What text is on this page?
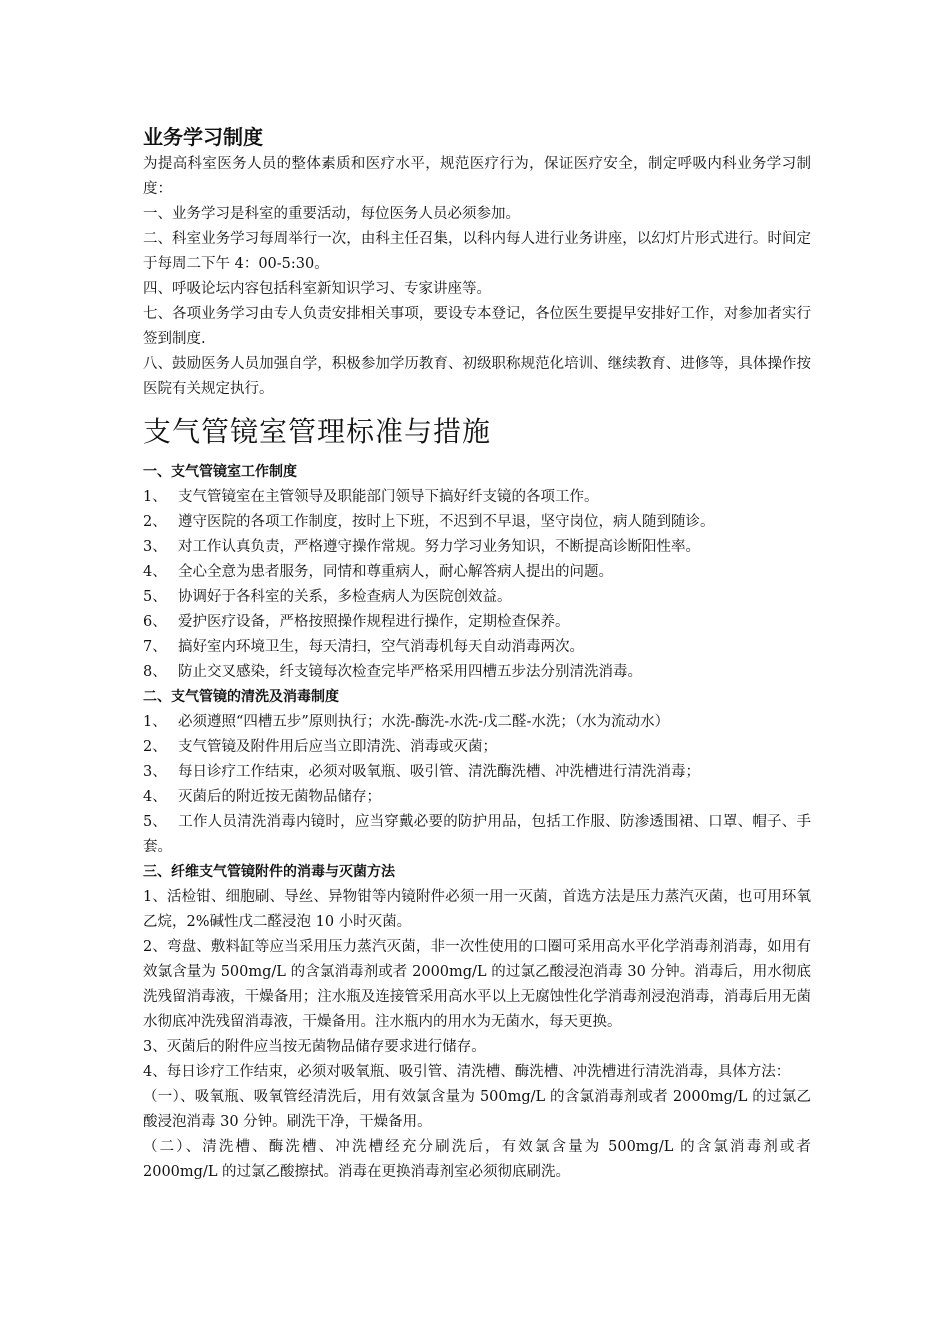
业务学习制度

为提高科室医务人员的整体素质和医疗水平，规范医疗行为，保证医疗安全，制定呼吸内科业务学习制度：

一、业务学习是科室的重要活动，每位医务人员必须参加。

二、科室业务学习每周举行一次，由科主任召集，以科内每人进行业务讲座，以幻灯片形式进行。时间定于每周二下午 4：00-5:30。

四、呼吸论坛内容包括科室新知识学习、专家讲座等。

七、各项业务学习由专人负责安排相关事项，要设专本登记，各位医生要提早安排好工作，对参加者实行签到制度.

八、鼓励医务人员加强自学，积极参加学历教育、初级职称规范化培训、继续教育、进修等，具体操作按医院有关规定执行。

支气管镜室管理标准与措施
一、支气管镜室工作制度

1、 支气管镜室在主管领导及职能部门领导下搞好纤支镜的各项工作。

2、 遵守医院的各项工作制度，按时上下班，不迟到不早退，坚守岗位，病人随到随诊。

3、 对工作认真负责，严格遵守操作常规。努力学习业务知识，不断提高诊断阳性率。

4、 全心全意为患者服务，同情和尊重病人，耐心解答病人提出的问题。

5、 协调好于各科室的关系，多检查病人为医院创效益。

6、 爱护医疗设备，严格按照操作规程进行操作，定期检查保养。

7、 搞好室内环境卫生，每天清扫，空气消毒机每天自动消毒两次。

8、 防止交叉感染，纤支镜每次检查完毕严格采用四槽五步法分别清洗消毒。

二、支气管镜的清洗及消毒制度

1、 必须遵照“四槽五步”原则执行；水洗-酶洗-水洗-戊二醛-水洗；（水为流动水）

2、 支气管镜及附件用后应当立即清洗、消毒或灭菌；

3、 每日诊疗工作结束，必须对吸氧瓶、吸引管、清洗酶洗槽、冲洗槽进行清洗消毒；

4、 灭菌后的附近按无菌物品储存；

5、 工作人员清洗消毒内镜时，应当穿戴必要的防护用品，包括工作服、防渗透围裙、口罩、帽子、手套。

三、纤维支气管镜附件的消毒与灭菌方法

1、活检钳、细胞刷、导丝、异物钳等内镜附件必须一用一灭菌，首选方法是压力蒸汽灭菌，也可用环氧乙烷，2%碱性戊二醛浸泡 10 小时灭菌。

2、弯盘、敷料缸等应当采用压力蒸汽灭菌，非一次性使用的口圈可采用高水平化学消毒剂消毒，如用有效氯含量为 500mg/L 的含氯消毒剂或者 2000mg/L 的过氯乙酸浸泡消毒 30 分钟。消毒后，用水彻底洗残留消毒液，干燥备用；注水瓶及连接管采用高水平以上无腐蚀性化学消毒剂浸泡消毒，消毒后用无菌水彻底冲洗残留消毒液，干燥备用。注水瓶内的用水为无菌水，每天更换。

3、灭菌后的附件应当按无菌物品储存要求进行储存。

4、每日诊疗工作结束，必须对吸氧瓶、吸引管、清洗槽、酶洗槽、冲洗槽进行清洗消毒，具体方法：

（一）、吸氧瓶、吸氧管经清洗后，用有效氯含量为 500mg/L 的含氯消毒剂或者 2000mg/L 的过氯乙酸浸泡消毒 30 分钟。刷洗干净，干燥备用。

（二）、清洗槽、酶洗槽、冲洗槽经充分刷洗后，有效氯含量为 500mg/L 的含氯消毒剂或者 2000mg/L 的过氯乙酸擦拭。消毒在更换消毒剂室必须彻底刷洗。
